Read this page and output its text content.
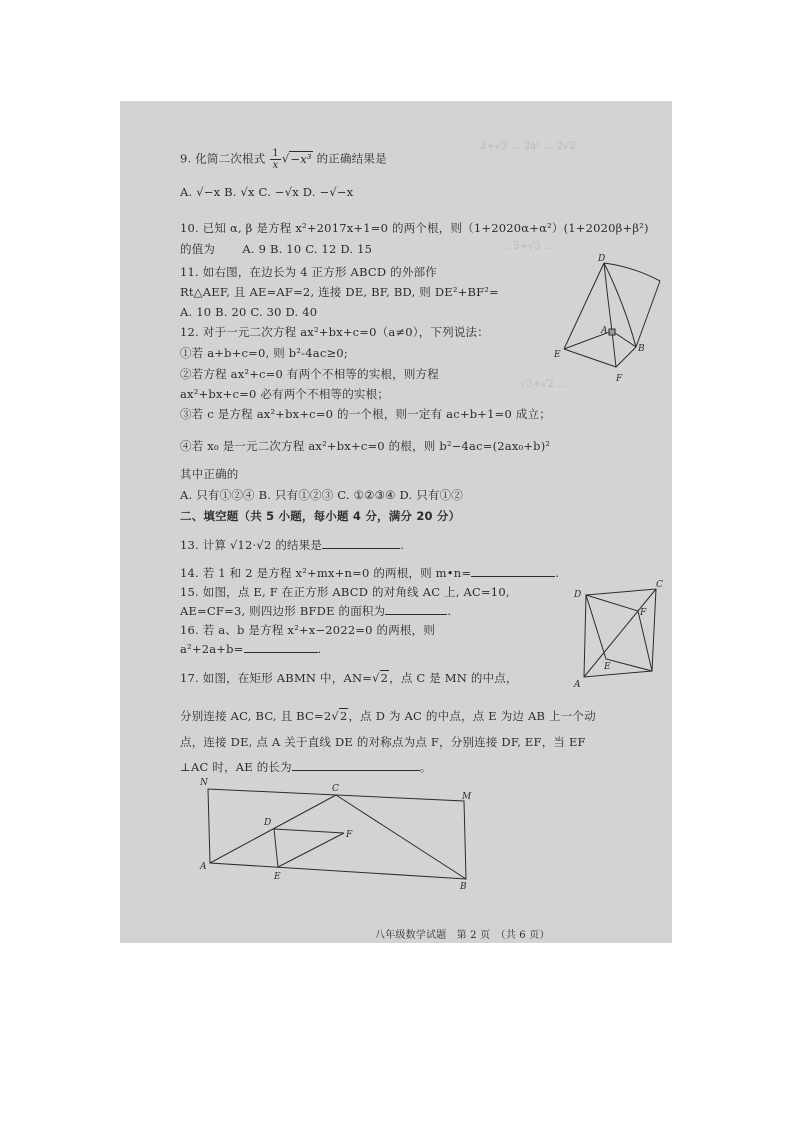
2+√3 … 2a² … 2√2
… 5+√3 …
√3+√2 …
9. 化简二次根式 $\frac{1}{x} √-x^3$ 的正确结果是
A. √−x B. √x C. −√x D. −√−x
10. 已知 α, β 是方程 x²+2017x+1=0 的两个根，则（1+2020α+α²）(1+2020β+β²)
的值为　　 A. 9 B. 10 C. 12 D. 15
11. 如右图，在边长为 4 正方形 ABCD 的外部作
Rt△AEF, 且 AE=AF=2, 连接 DE, BF, BD, 则 DE²+BF²=
A. 10 B. 20 C. 30 D. 40
12. 对于一元二次方程 ax²+bx+c=0（a≠0），下列说法：
①若 a+b+c=0, 则 b²-4ac≥0;
②若方程 ax²+c=0 有两个不相等的实根，则方程
ax²+bx+c=0 必有两个不相等的实根；
③若 c 是方程 ax²+bx+c=0 的一个根，则一定有 ac+b+1=0 成立；
④若 x₀ 是一元二次方程 ax²+bx+c=0 的根，则 b²−4ac=(2ax₀+b)²
其中正确的
A. 只有①②④ B. 只有①②③ C. ①②③④ D. 只有①②
二、填空题（共 5 小题，每小题 4 分，满分 20 分）
13. 计算 √12·√2 的结果是	.
14. 若 1 和 2 是方程 x²+mx+n=0 的两根，则 m•n=	.
15. 如图，点 E, F 在正方形 ABCD 的对角线 AC 上, AC=10,
AE=CF=3, 则四边形 BFDE 的面积为	.
16. 若 a、b 是方程 x²+x−2022=0 的两根，则
a²+2a+b=	.
17. 如图，在矩形 ABMN 中，AN=√2，点 C 是 MN 的中点，
分别连接 AC, BC, 且 BC=2√2，点 D 为 AC 的中点，点 E 为边 AB 上一个动
点，连接 DE, 点 A 关于直线 DE 的对称点为点 F，分别连接 DF, EF，当 EF
⊥AC 时，AE 的长为	。
D
A
E
F
B
D
C
F
E
A
N
C
M
D
F
A
E
B
八年级数学试题　第 2 页　（共 6 页）
